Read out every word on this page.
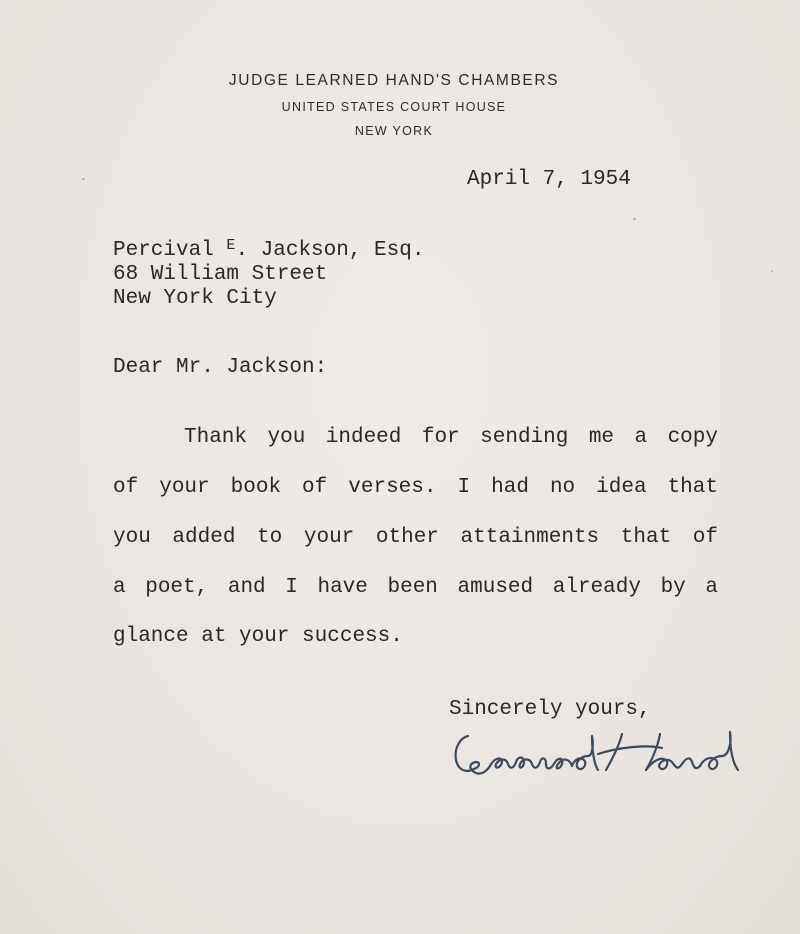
JUDGE LEARNED HAND'S CHAMBERS
UNITED STATES COURT HOUSE
NEW YORK
April 7, 1954
Percival $^E$. Jackson, Esq.
68 William Street
New York City
Dear Mr. Jackson:
Thank you indeed for sending me a copy
of your book of verses. I had no idea that
you added to your other attainments that of
a poet, and I have been amused already by a
glance at your success.
Sincerely yours,
